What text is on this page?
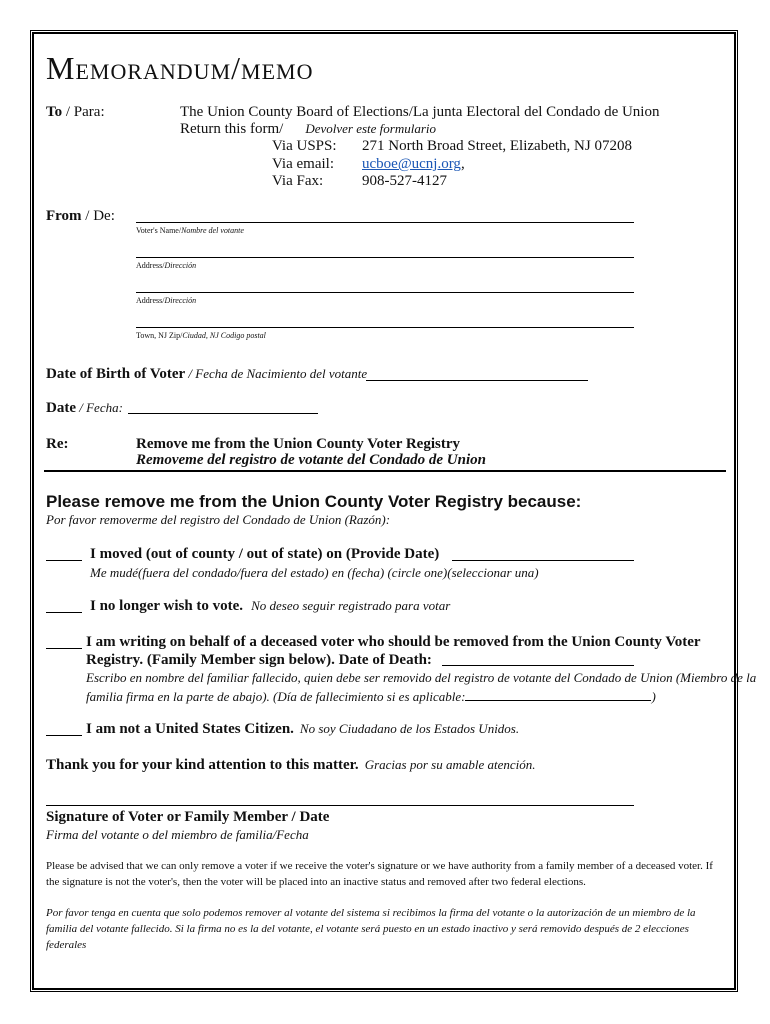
Memorandum/memo
To / Para:	The Union County Board of Elections/La junta Electoral del Condado de Union
Return this form/ Devolver este formulario
Via USPS: 271 North Broad Street, Elizabeth, NJ 07208
Via email: ucboe@ucnj.org,
Via Fax:	908-527-4127
From / De:
Voter's Name/Nombre del votante
Address/Dirección
Address/Dirección
Town, NJ Zip/Ciudad, NJ Codigo postal
Date of Birth of Voter / Fecha de Nacimiento del votante
Date / Fecha:
Re:	Remove me from the Union County Voter Registry
Removeme del registro de votante del Condado de Union
Please remove me from the Union County Voter Registry because:
Por favor removerme del registro del Condado de Union (Razón):
I moved (out of county / out of state) on (Provide Date)
Me mudé(fuera del condado/fuera del estado) en (fecha) (circle one)(seleccionar una)
I no longer wish to vote. No deseo seguir registrado para votar
I am writing on behalf of a deceased voter who should be removed from the Union County Voter
Registry. (Family Member sign below). Date of Death:
Escribo en nombre del familiar fallecido, quien debe ser removido del registro de votante del Condado de Union (Miembro de la
familia firma en la parte de abajo). (Día de fallecimiento si es aplicable:	)
I am not a United States Citizen. No soy Ciudadano de los Estados Unidos.
Thank you for your kind attention to this matter. Gracias por su amable atención.
Signature of Voter or Family Member / Date
Firma del votante o del miembro de familia/Fecha
Please be advised that we can only remove a voter if we receive the voter's signature or we have authority from a family member of a deceased voter. If the signature is not the voter's, then the voter will be placed into an inactive status and removed after two federal elections.
Por favor tenga en cuenta que solo podemos remover al votante del sistema si recibimos la firma del votante o la autorización de un miembro de la familia del votante fallecido. Si la firma no es la del votante, el votante será puesto en un estado inactivo y será removido después de 2 elecciones federales
